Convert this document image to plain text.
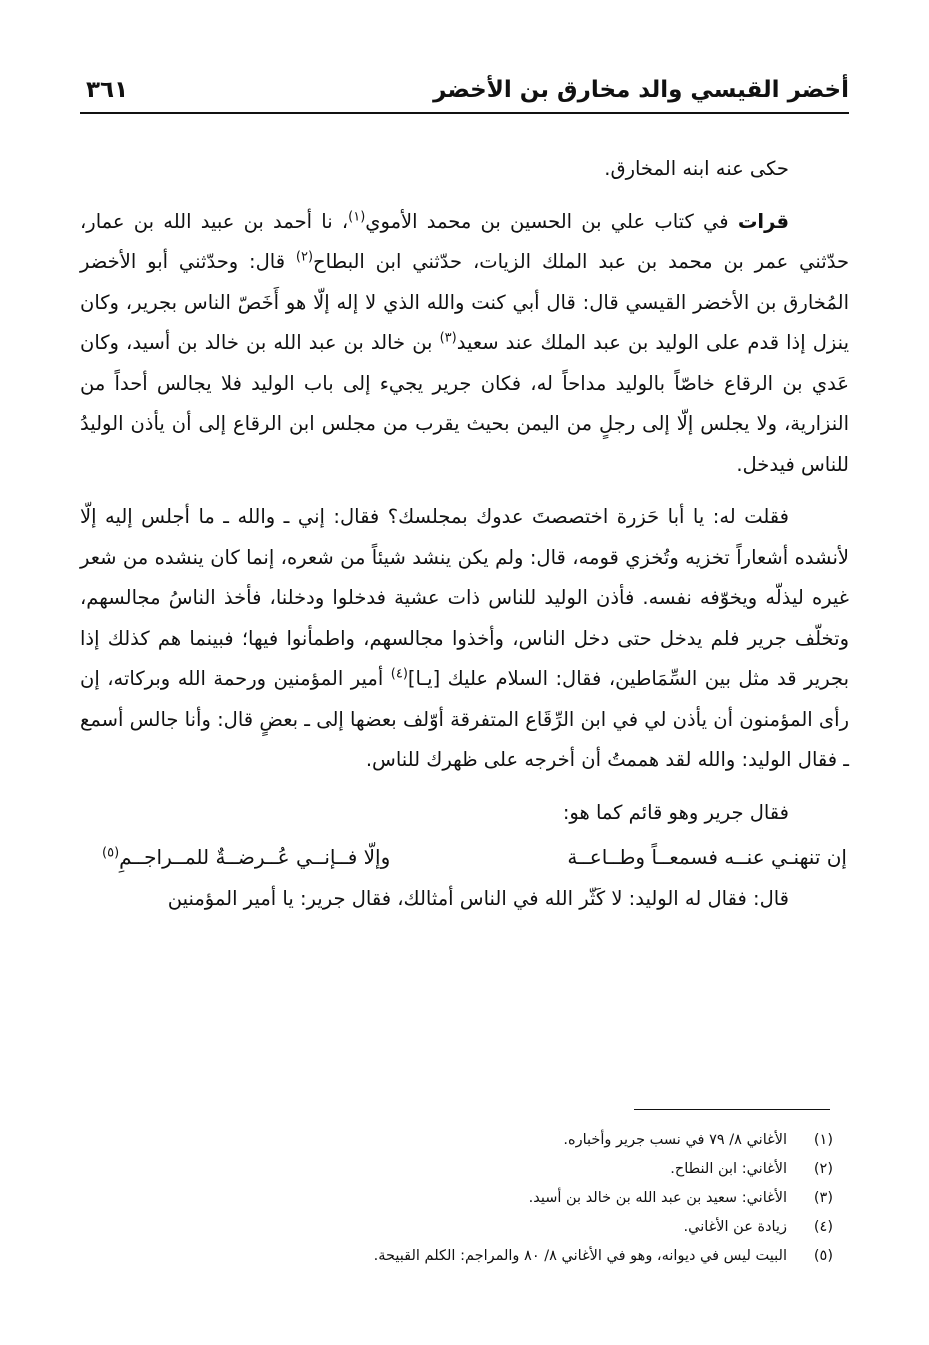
أخضر القيسي والد مخارق بن الأخضر
٣٦١

حكى عنه ابنه المخارق.

قرات في كتاب علي بن الحسين بن محمد الأموي$^{(١)}$، نا أحمد بن عبيد الله بن عمار، حدّثني عمر بن محمد بن عبد الملك الزيات، حدّثني ابن البطاح$^{(٢)}$ قال: وحدّثني أبو الأخضر المُخارق بن الأخضر القيسي قال: قال أبي كنت والله الذي لا إله إلّا هو أَخَصّ الناس بجرير، وكان ينزل إذا قدم على الوليد بن عبد الملك عند سعيد$^{(٣)}$ بن خالد بن عبد الله بن خالد بن أسيد، وكان عَدي بن الرقاع خاصّاً بالوليد مداحاً له، فكان جرير يجيء إلى باب الوليد فلا يجالس أحداً من النزارية، ولا يجلس إلّا إلى رجلٍ من اليمن بحيث يقرب من مجلس ابن الرقاع إلى أن يأذن الوليدُ للناس فيدخل.

فقلت له: يا أبا حَزرة اختصصتَ عدوك بمجلسك؟ فقال: إني ـ والله ـ ما أجلس إليه إلّا لأنشده أشعاراً تخزيه وتُخزي قومه، قال: ولم يكن ينشد شيئاً من شعره، إنما كان ينشده من شعر غيره ليذلّه ويخوّفه نفسه. فأذن الوليد للناس ذات عشية فدخلوا ودخلنا، فأخذ الناسُ مجالسهم، وتخلّف جرير فلم يدخل حتى دخل الناس، وأخذوا مجالسهم، واطمأنوا فيها؛ فبينما هم كذلك إذا بجرير قد مثل بين السِّمَاطين، فقال: السلام عليك [يـا]$^{(٤)}$ أمير المؤمنين ورحمة الله وبركاته، إن رأى المؤمنون أن يأذن لي في ابن الرِّقَاع المتفرقة أوّلف بعضها إلى ـ بعضٍ قال: وأنا جالس أسمع ـ فقال الوليد: والله لقد هممتُ أن أخرجه على ظهرك للناس.

فقال جرير وهو قائم كما هو:

إن تنهنـي عنــه فسمعــاً وطــاعــة
وإلّا فــإنــي عُــرضــةٌ للمــراجــمِ$^{(٥)}$

قال: فقال له الوليد: لا كَثّر الله في الناس أمثالك، فقال جرير: يا أمير المؤمنين

(١)
الأغاني ٨/ ٧٩ في نسب جرير وأخباره.
(٢)
الأغاني: ابن النطاح.
(٣)
الأغاني: سعيد بن عبد الله بن خالد بن أسيد.
(٤)
زيادة عن الأغاني.
(٥)
البيت ليس في ديوانه، وهو في الأغاني ٨/ ٨٠ والمراجم: الكلم القبيحة.
